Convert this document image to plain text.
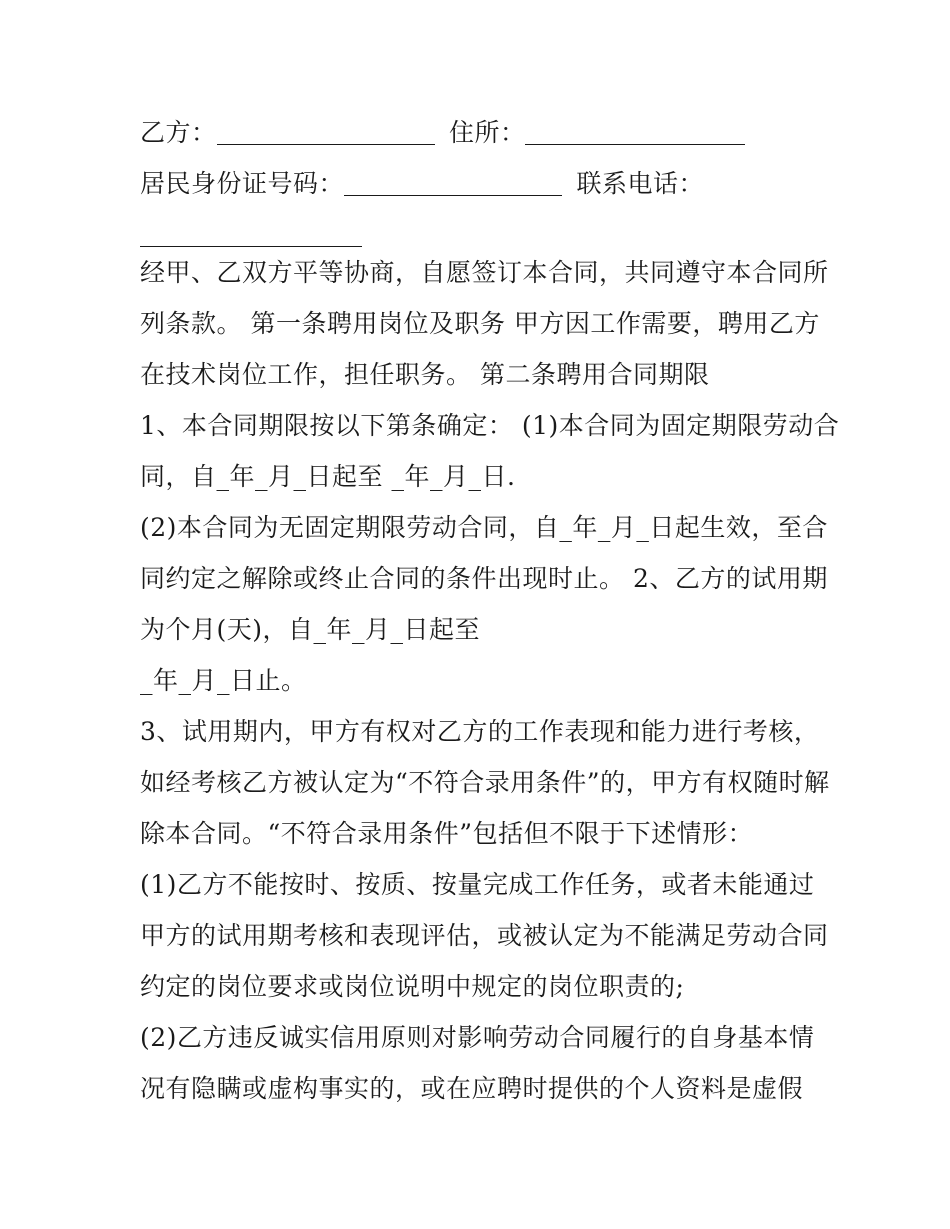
乙方：	住所：
居民身份证号码：	联系电话：
经甲、乙双方平等协商，自愿签订本合同，共同遵守本合同所
列条款。 第一条聘用岗位及职务 甲方因工作需要，聘用乙方
在技术岗位工作，担任职务。 第二条聘用合同期限
1、本合同期限按以下第条确定： (1)本合同为固定期限劳动合
同，自_年_月_日起至 _年_月_日.
(2)本合同为无固定期限劳动合同，自_年_月_日起生效，至合
同约定之解除或终止合同的条件出现时止。 2、乙方的试用期
为个月(天)，自_年_月_日起至
_年_月_日止。
3、试用期内，甲方有权对乙方的工作表现和能力进行考核，
如经考核乙方被认定为“不符合录用条件”的，甲方有权随时解
除本合同。“不符合录用条件”包括但不限于下述情形：
(1)乙方不能按时、按质、按量完成工作任务，或者未能通过
甲方的试用期考核和表现评估，或被认定为不能满足劳动合同
约定的岗位要求或岗位说明中规定的岗位职责的;
(2)乙方违反诚实信用原则对影响劳动合同履行的自身基本情
况有隐瞒或虚构事实的，或在应聘时提供的个人资料是虚假
